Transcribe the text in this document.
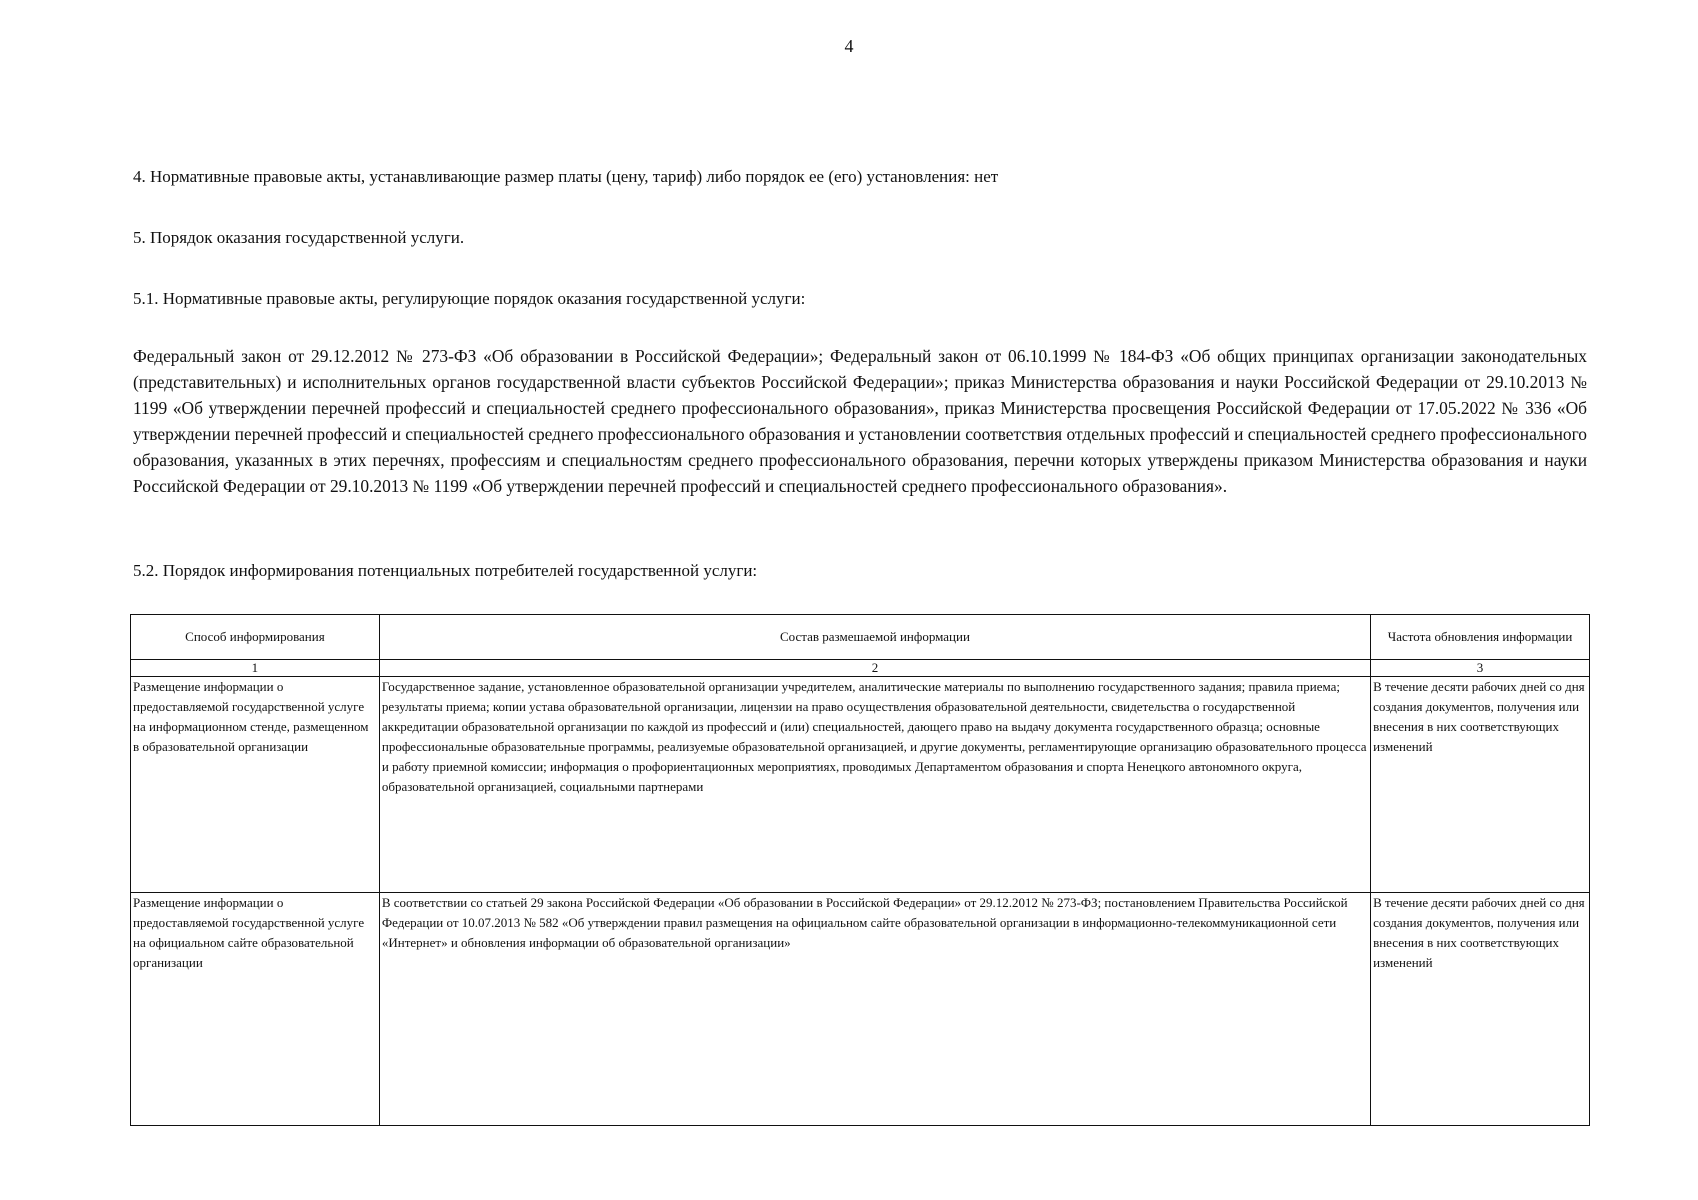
4
4. Нормативные правовые акты, устанавливающие размер платы (цену, тариф) либо порядок ее (его) установления: нет
5. Порядок оказания государственной услуги.
5.1. Нормативные правовые акты, регулирующие порядок оказания государственной услуги:
Федеральный закон от 29.12.2012 № 273-ФЗ «Об образовании в Российской Федерации»; Федеральный закон от 06.10.1999 № 184-ФЗ «Об общих принципах организации законодательных (представительных) и исполнительных органов государственной власти субъектов Российской Федерации»; приказ Министерства образования и науки Российской Федерации от 29.10.2013 № 1199 «Об утверждении перечней профессий и специальностей среднего профессионального образования», приказ Министерства просвещения Российской Федерации от 17.05.2022 № 336 «Об утверждении перечней профессий и специальностей среднего профессионального образования и установлении соответствия отдельных профессий и специальностей среднего профессионального образования, указанных в этих перечнях, профессиям и специальностям среднего профессионального образования, перечни которых утверждены приказом Министерства образования и науки Российской Федерации от 29.10.2013 № 1199 «Об утверждении перечней профессий и специальностей среднего профессионального образования».
5.2. Порядок информирования потенциальных потребителей государственной услуги:
Способ информирования	Состав размешаемой информации	Частота обновления информации
1	2	3

Размещение информации о предоставляемой государственной услуге на информационном стенде, размещенном в образовательной организации	Государственное задание, установленное образовательной организации учредителем, аналитические материалы по выполнению государственного задания; правила приема; результаты приема; копии устава образовательной организации, лицензии на право осуществления образовательной деятельности, свидетельства о государственной аккредитации образовательной организации по каждой из профессий и (или) специальностей, дающего право на выдачу документа государственного образца; основные профессиональные образовательные программы, реализуемые образовательной организацией, и другие документы, регламентирующие организацию образовательного процесса и работу приемной комиссии; информация о профориентационных мероприятиях, проводимых Департаментом образования и спорта Ненецкого автономного округа, образовательной организацией, социальными партнерами	В течение десяти рабочих дней со дня создания документов, получения или внесения в них соответствующих изменений

Размещение информации о предоставляемой государственной услуге на официальном сайте образовательной организации	В соответствии со статьей 29 закона Российской Федерации «Об образовании в Российской Федерации» от 29.12.2012 № 273-ФЗ; постановлением Правительства Российской Федерации от 10.07.2013 № 582 «Об утверждении правил размещения на официальном сайте образовательной организации в информационно-телекоммуникационной сети «Интернет» и обновления информации об образовательной организации»	В течение десяти рабочих дней со дня создания документов, получения или внесения в них соответствующих изменений
